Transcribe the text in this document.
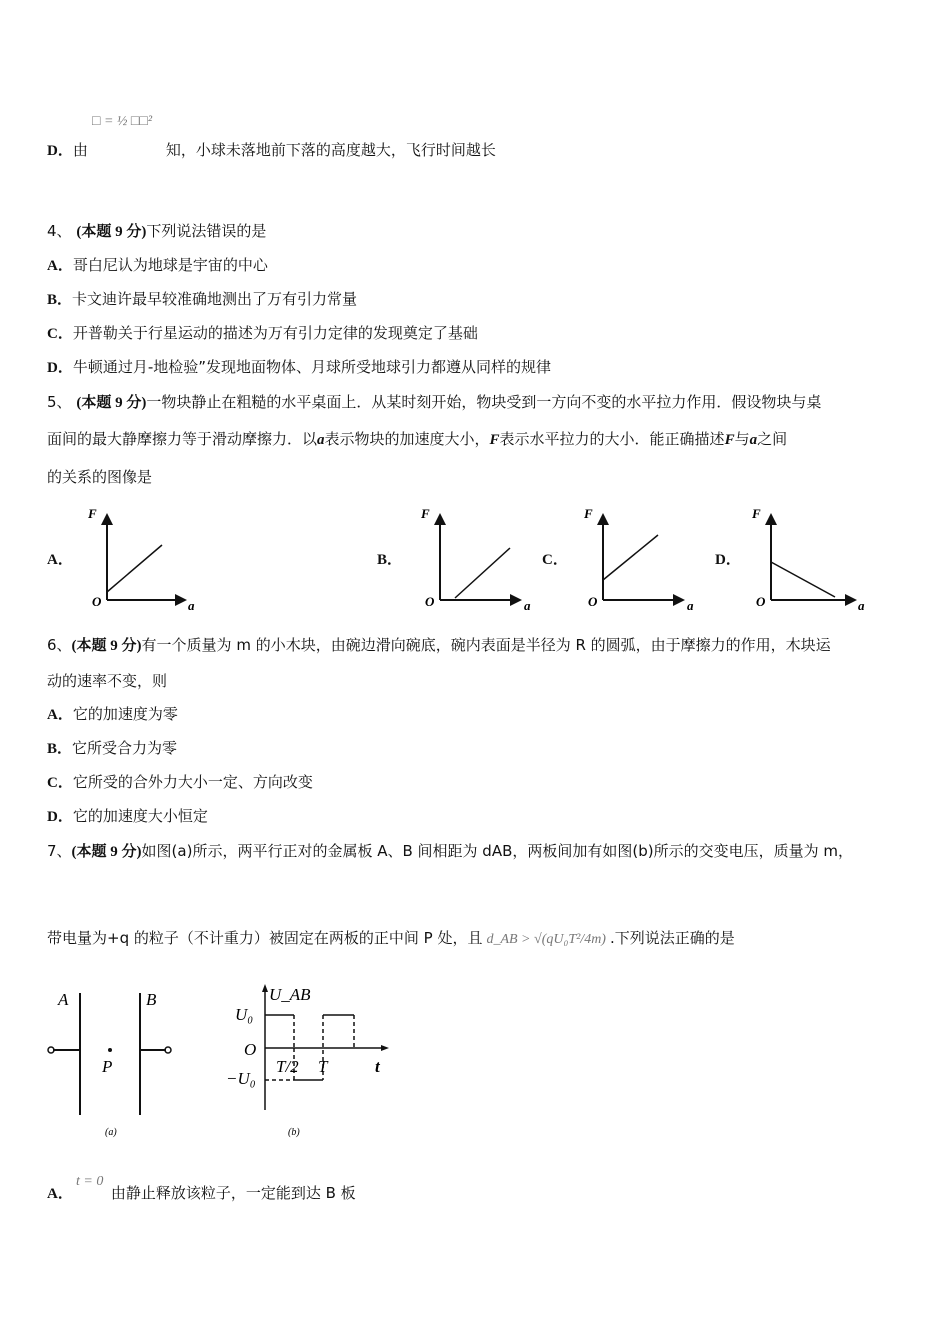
□ = ½ □□²
D．由	知，小球未落地前下落的高度越大，飞行时间越长
4、 (本题 9 分)下列说法错误的是
A．哥白尼认为地球是宇宙的中心
B．卡文迪许最早较准确地测出了万有引力常量
C．开普勒关于行星运动的描述为万有引力定律的发现奠定了基础
D．牛顿通过月-地检验”发现地面物体、月球所受地球引力都遵从同样的规律
5、 (本题 9 分)一物块静止在粗糙的水平桌面上．从某时刻开始，物块受到一方向不变的水平拉力作用．假设物块与桌
面间的最大静摩擦力等于滑动摩擦力．以a表示物块的加速度大小，F表示水平拉力的大小．能正确描述F与a之间
的关系的图像是
A．	B．	C．	D．
F
O	a
F
O	a
F
O	a
F
O	a
6、(本题 9 分)有一个质量为 m 的小木块，由碗边滑向碗底，碗内表面是半径为 R 的圆弧，由于摩擦力的作用，木块运
动的速率不变，则
A．它的加速度为零
B．它所受合力为零
C．它所受的合外力大小一定、方向改变
D．它的加速度大小恒定
7、(本题 9 分)如图(a)所示，两平行正对的金属板 A、B 间相距为 dAB，两板间加有如图(b)所示的交变电压，质量为 m，
带电量为+q 的粒子（不计重力）被固定在两板的正中间 P 处，且 d_AB > √(qU₀T²/4m) .下列说法正确的是
A	B
P
(a)
U_AB
U₀
O
T/2 T	t
−U₀
(b)
t = 0
A．	由静止释放该粒子，一定能到达 B 板
